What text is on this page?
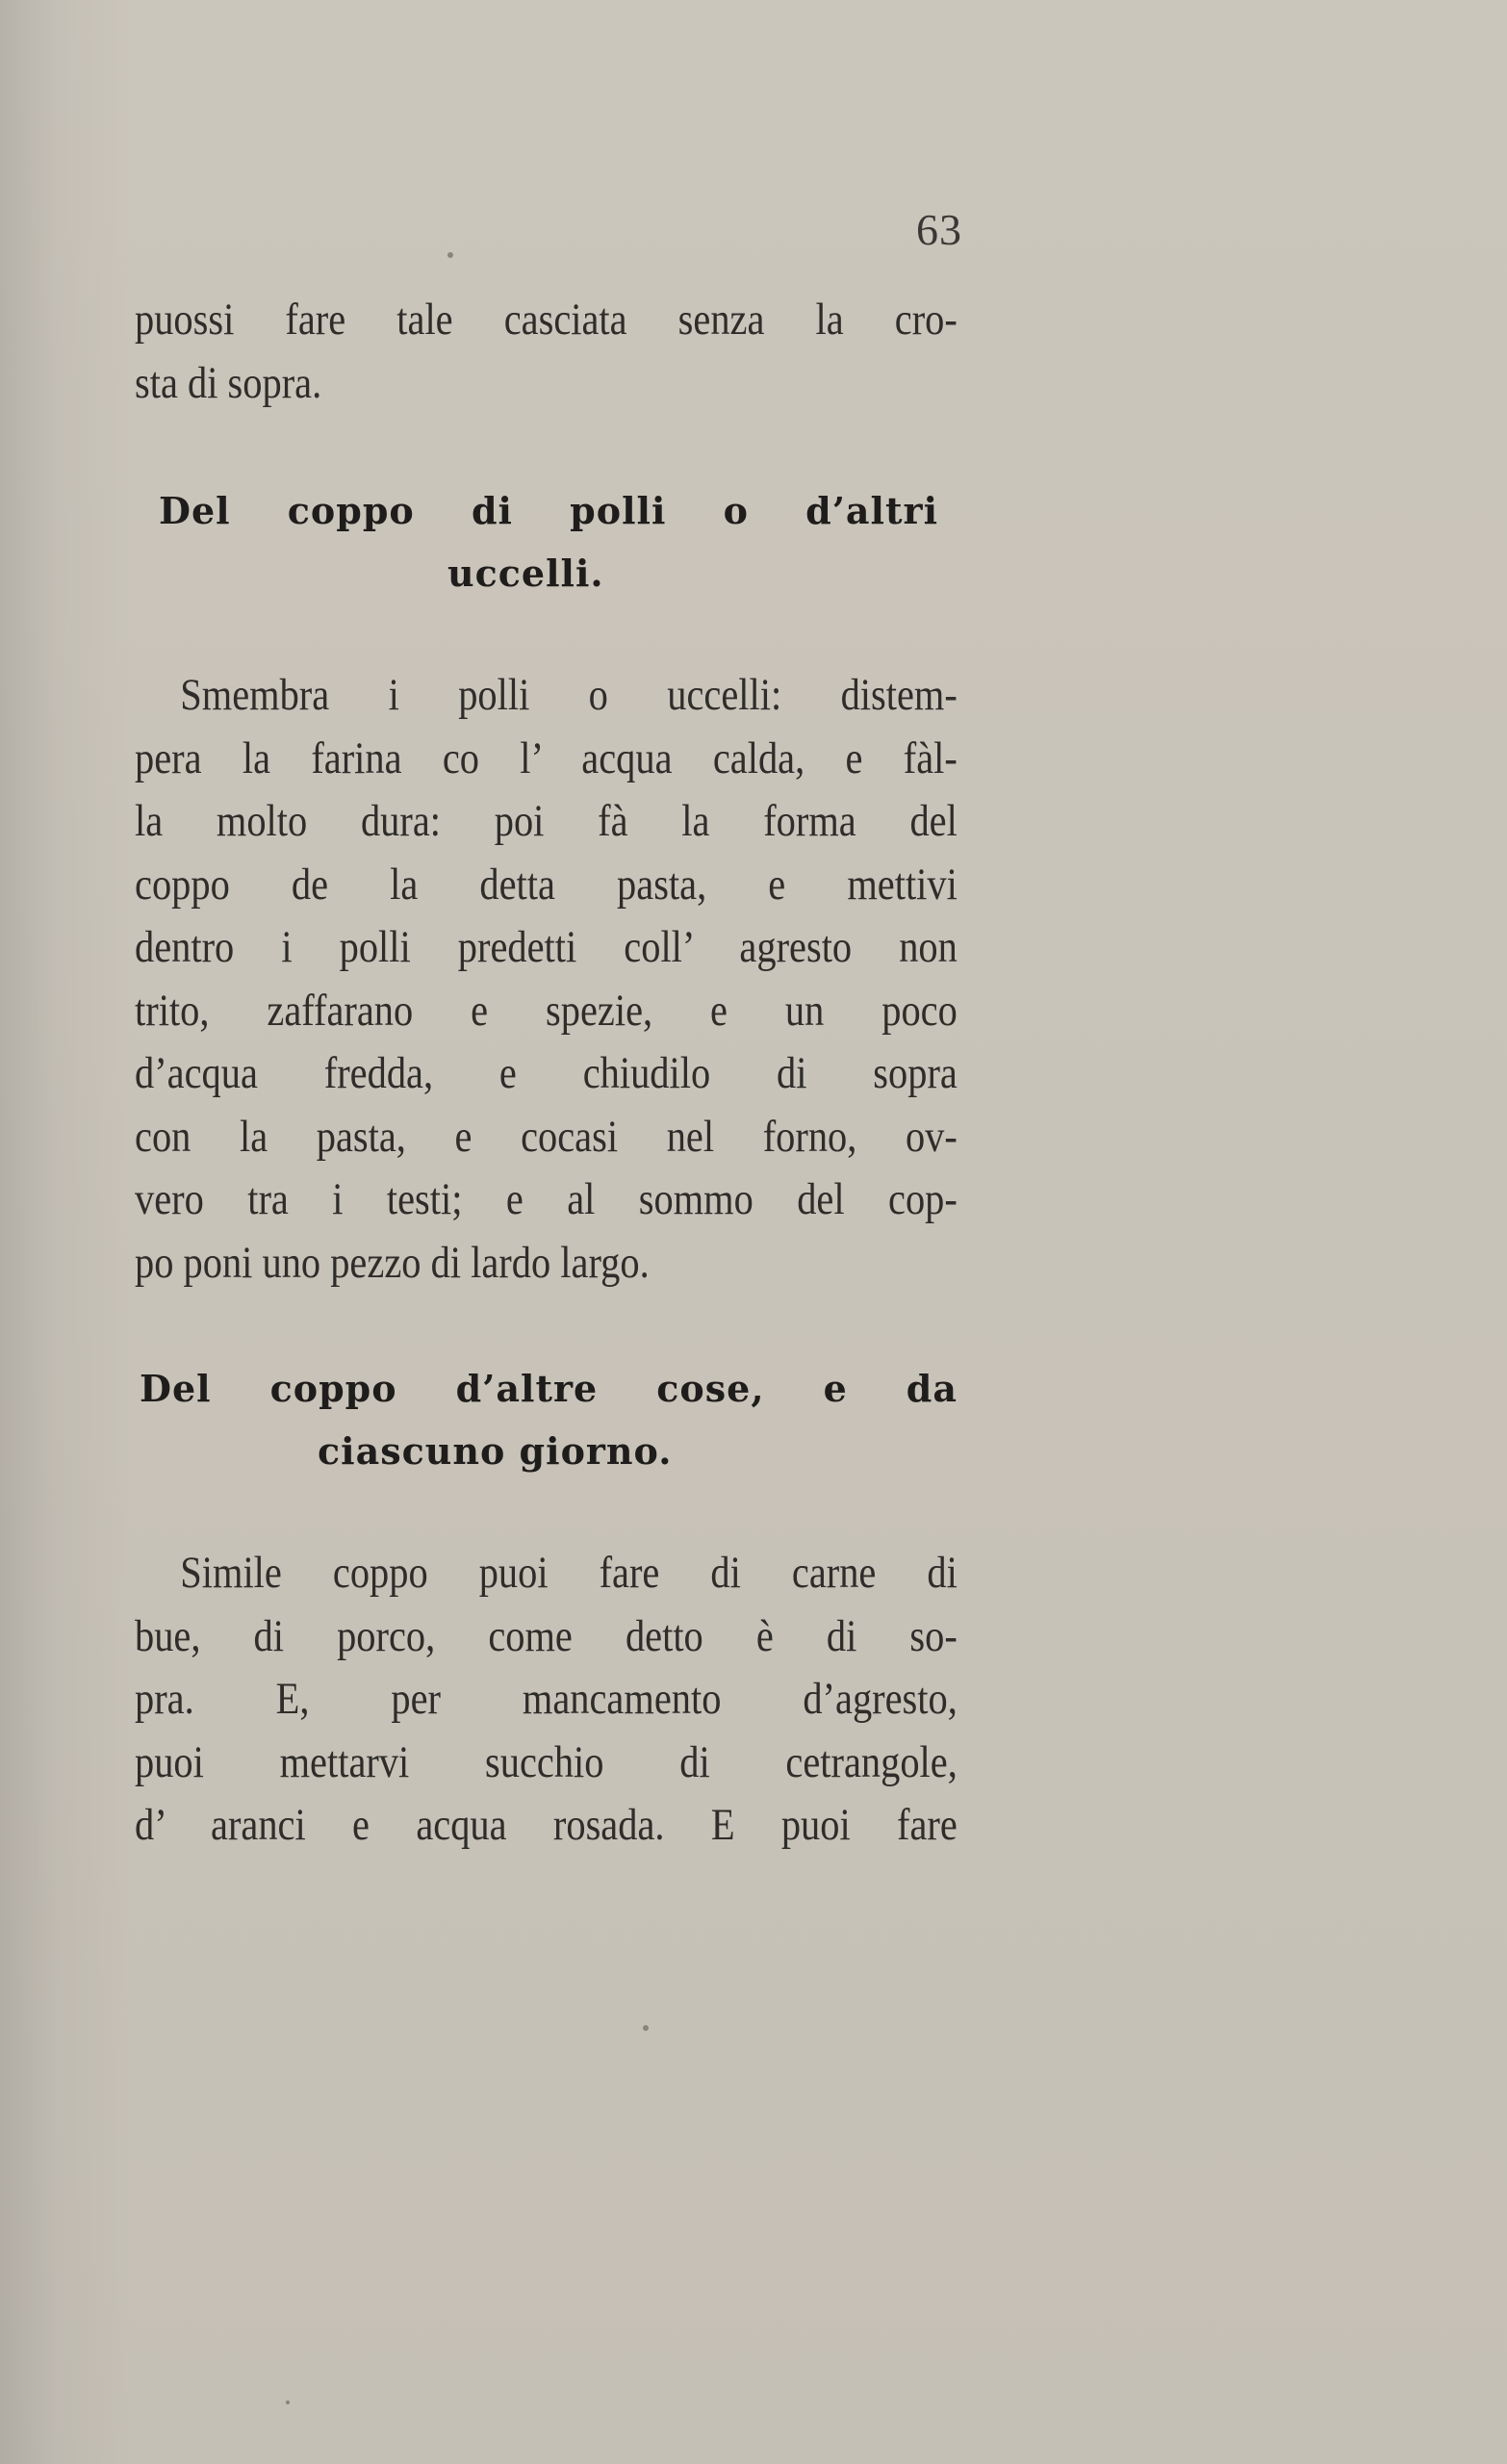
63
puossi fare tale casciata senza la cro-
sta di sopra.
Del coppo di polli o d’altri
uccelli.
Smembra i polli o uccelli: distem-
pera la farina co l’ acqua calda, e fàl-
la molto dura: poi fà la forma del
coppo de la detta pasta, e mettivi
dentro i polli predetti coll’ agresto non
trito, zaffarano e spezie, e un poco
d’acqua fredda, e chiudilo di sopra
con la pasta, e cocasi nel forno, ov-
vero tra i testi; e al sommo del cop-
po poni uno pezzo di lardo largo.
Del coppo d’altre cose, e da
ciascuno giorno.
Simile coppo puoi fare di carne di
bue, di porco, come detto è di so-
pra. E, per mancamento d’agresto,
puoi mettarvi succhio di cetrangole,
d’ aranci e acqua rosada. E puoi fare
